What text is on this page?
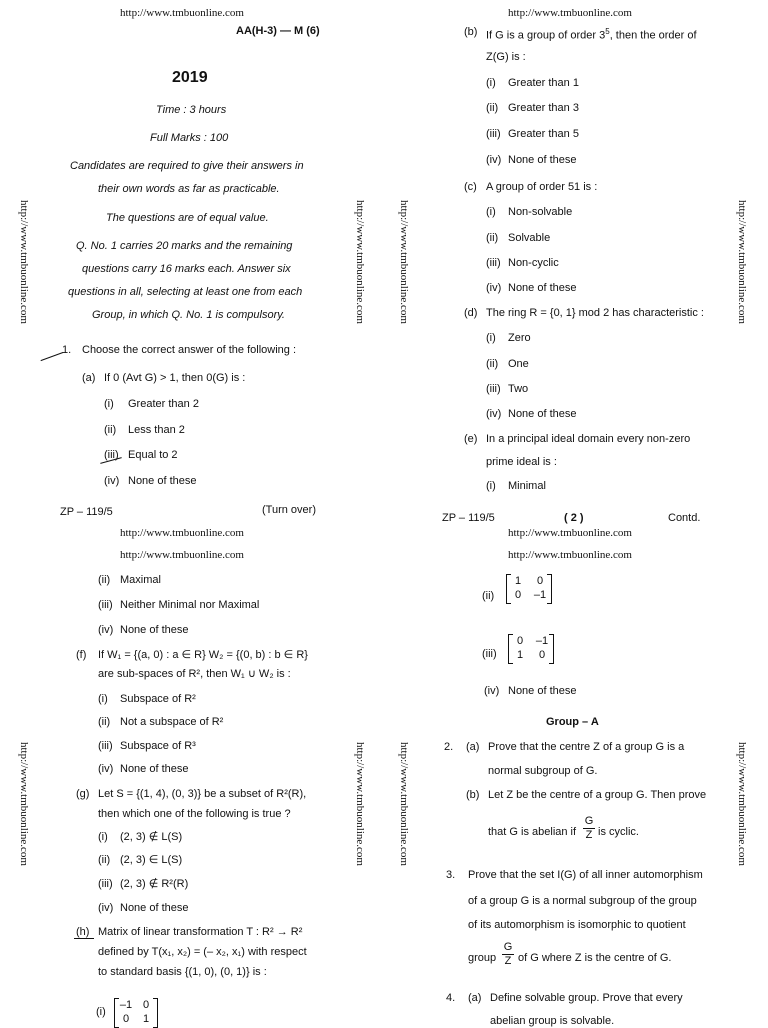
http://www.tmbuonline.com
AA(H-3) — M (6)
2019
Time : 3 hours
Full Marks : 100
Candidates are required to give their answers in
their own words as far as practicable.
The questions are of equal value.
Q. No. 1 carries 20 marks and the remaining
questions carry 16 marks each. Answer six
questions in all, selecting at least one from each
Group, in which Q. No. 1 is compulsory.
http://www.tmbuonline.com	http://www.tmbuonline.com
1. Choose the correct answer of the following :
(a) If 0 (Avt G) > 1, then 0(G) is :
(i) Greater than 2
(ii) Less than 2
(iii) Equal to 2
(iv) None of these
ZP – 119/5	(Turn over)
http://www.tmbuonline.com
(b) If G is a group of order $3^5$, then the order of
Z(G) is :
(i) Greater than 1
(ii) Greater than 3
(iii) Greater than 5
(iv) None of these
(c) A group of order 51 is :
(i) Non-solvable
(ii) Solvable
(iii) Non-cyclic
(iv) None of these
(d) The ring R = {0, 1} mod 2 has characteristic :
(i) Zero
(ii) One
(iii) Two
(iv) None of these
(e) In a principal ideal domain every non-zero
prime ideal is :
(i) Minimal
http://www.tmbuonline.com	http://www.tmbuonline.com
ZP – 119/5	( 2 )	Contd.
http://www.tmbuonline.com
http://www.tmbuonline.com
(ii) Maximal
(iii) Neither Minimal nor Maximal
(iv) None of these
(f) If W₁ = {(a, 0) : a ∈ R} W₂ = {(0, b) : b ∈ R}
are sub-spaces of R², then W₁ ∪ W₂ is :
(i) Subspace of R²
(ii) Not a subspace of R²
(iii) Subspace of R³
(iv) None of these
(g) Let S = {(1, 4), (0, 3)} be a subset of R²(R),
then which one of the following is true ?
(i) (2, 3) ∉ L(S)
(ii) (2, 3) ∈ L(S)
(iii) (2, 3) ∉ R²(R)
(iv) None of these
(h) Matrix of linear transformation T : R² → R²
defined by T(x₁, x₂) = (– x₂, x₁) with respect
to standard basis {(1, 0), (0, 1)} is :
(i)
–1 0
0	1
http://www.tmbuonline.com	http://www.tmbuonline.com
http://www.tmbuonline.com
http://www.tmbuonline.com
(ii)
1	0
0	–1
(iii)
0	–1
1	0
(iv) None of these
Group – A
2. (a) Prove that the centre Z of a group G is a
normal subgroup of G.
(b) Let Z be the centre of a group G. Then prove
that G is abelian if
G
Z is cyclic.
3. Prove that the set I(G) of all inner automorphism
of a group G is a normal subgroup of the group
of its automorphism is isomorphic to quotient
group
G
Z of G where Z is the centre of G.
4. (a) Define solvable group. Prove that every
abelian group is solvable.
http://www.tmbuonline.com	http://www.tmbuonline.com
